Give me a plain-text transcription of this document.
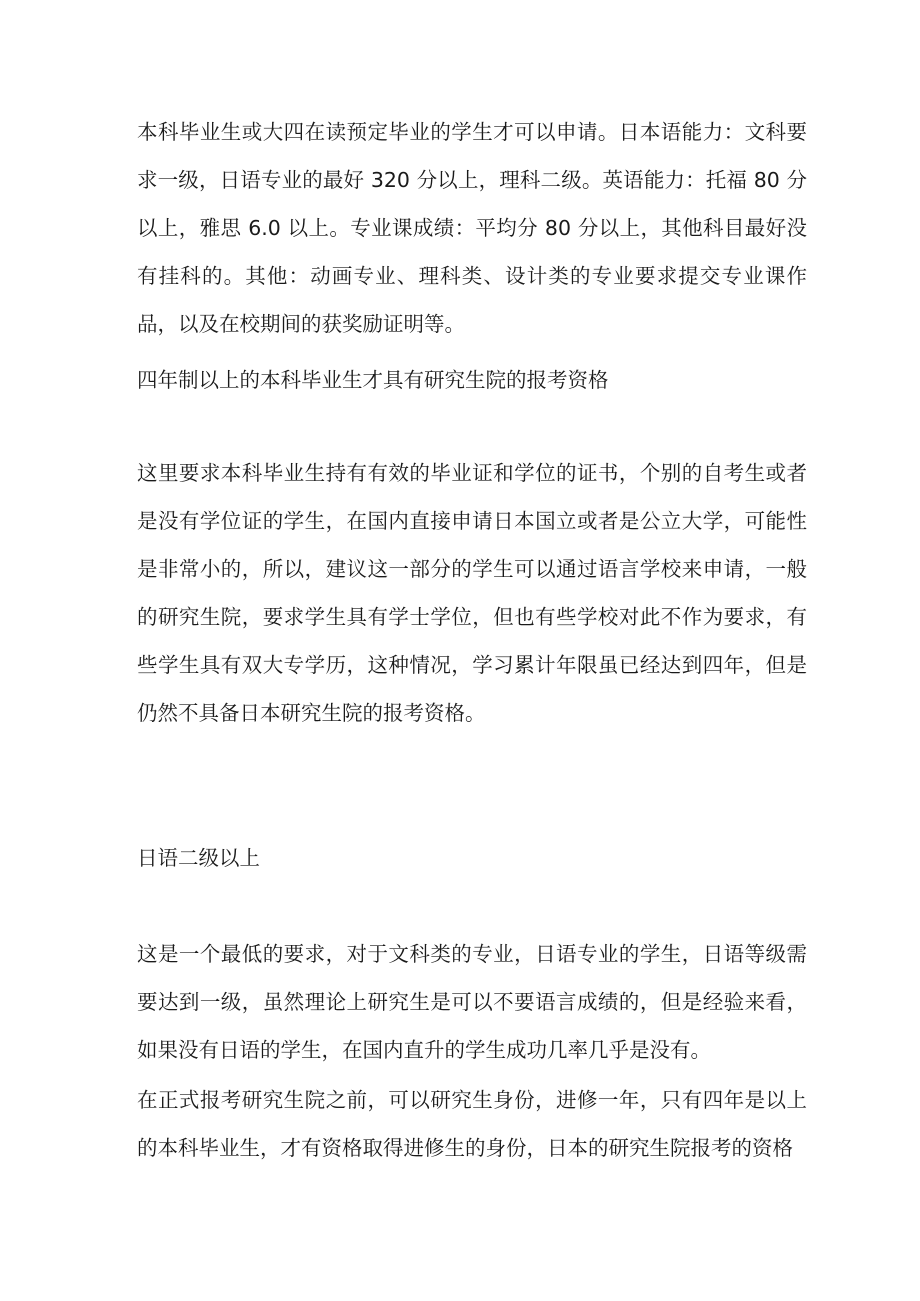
本科毕业生或大四在读预定毕业的学生才可以申请。日本语能力：文科要求一级，日语专业的最好 320 分以上，理科二级。英语能力：托福 80 分以上，雅思 6.0 以上。专业课成绩：平均分 80 分以上，其他科目最好没有挂科的。其他：动画专业、理科类、设计类的专业要求提交专业课作品，以及在校期间的获奖励证明等。

四年制以上的本科毕业生才具有研究生院的报考资格

这里要求本科毕业生持有有效的毕业证和学位的证书，个别的自考生或者是没有学位证的学生，在国内直接申请日本国立或者是公立大学，可能性是非常小的，所以，建议这一部分的学生可以通过语言学校来申请，一般的研究生院，要求学生具有学士学位，但也有些学校对此不作为要求，有些学生具有双大专学历，这种情况，学习累计年限虽已经达到四年，但是仍然不具备日本研究生院的报考资格。

日语二级以上

这是一个最低的要求，对于文科类的专业，日语专业的学生，日语等级需要达到一级，虽然理论上研究生是可以不要语言成绩的，但是经验来看，如果没有日语的学生，在国内直升的学生成功几率几乎是没有。

在正式报考研究生院之前，可以研究生身份，进修一年，只有四年是以上的本科毕业生，才有资格取得进修生的身份，日本的研究生院报考的资格
